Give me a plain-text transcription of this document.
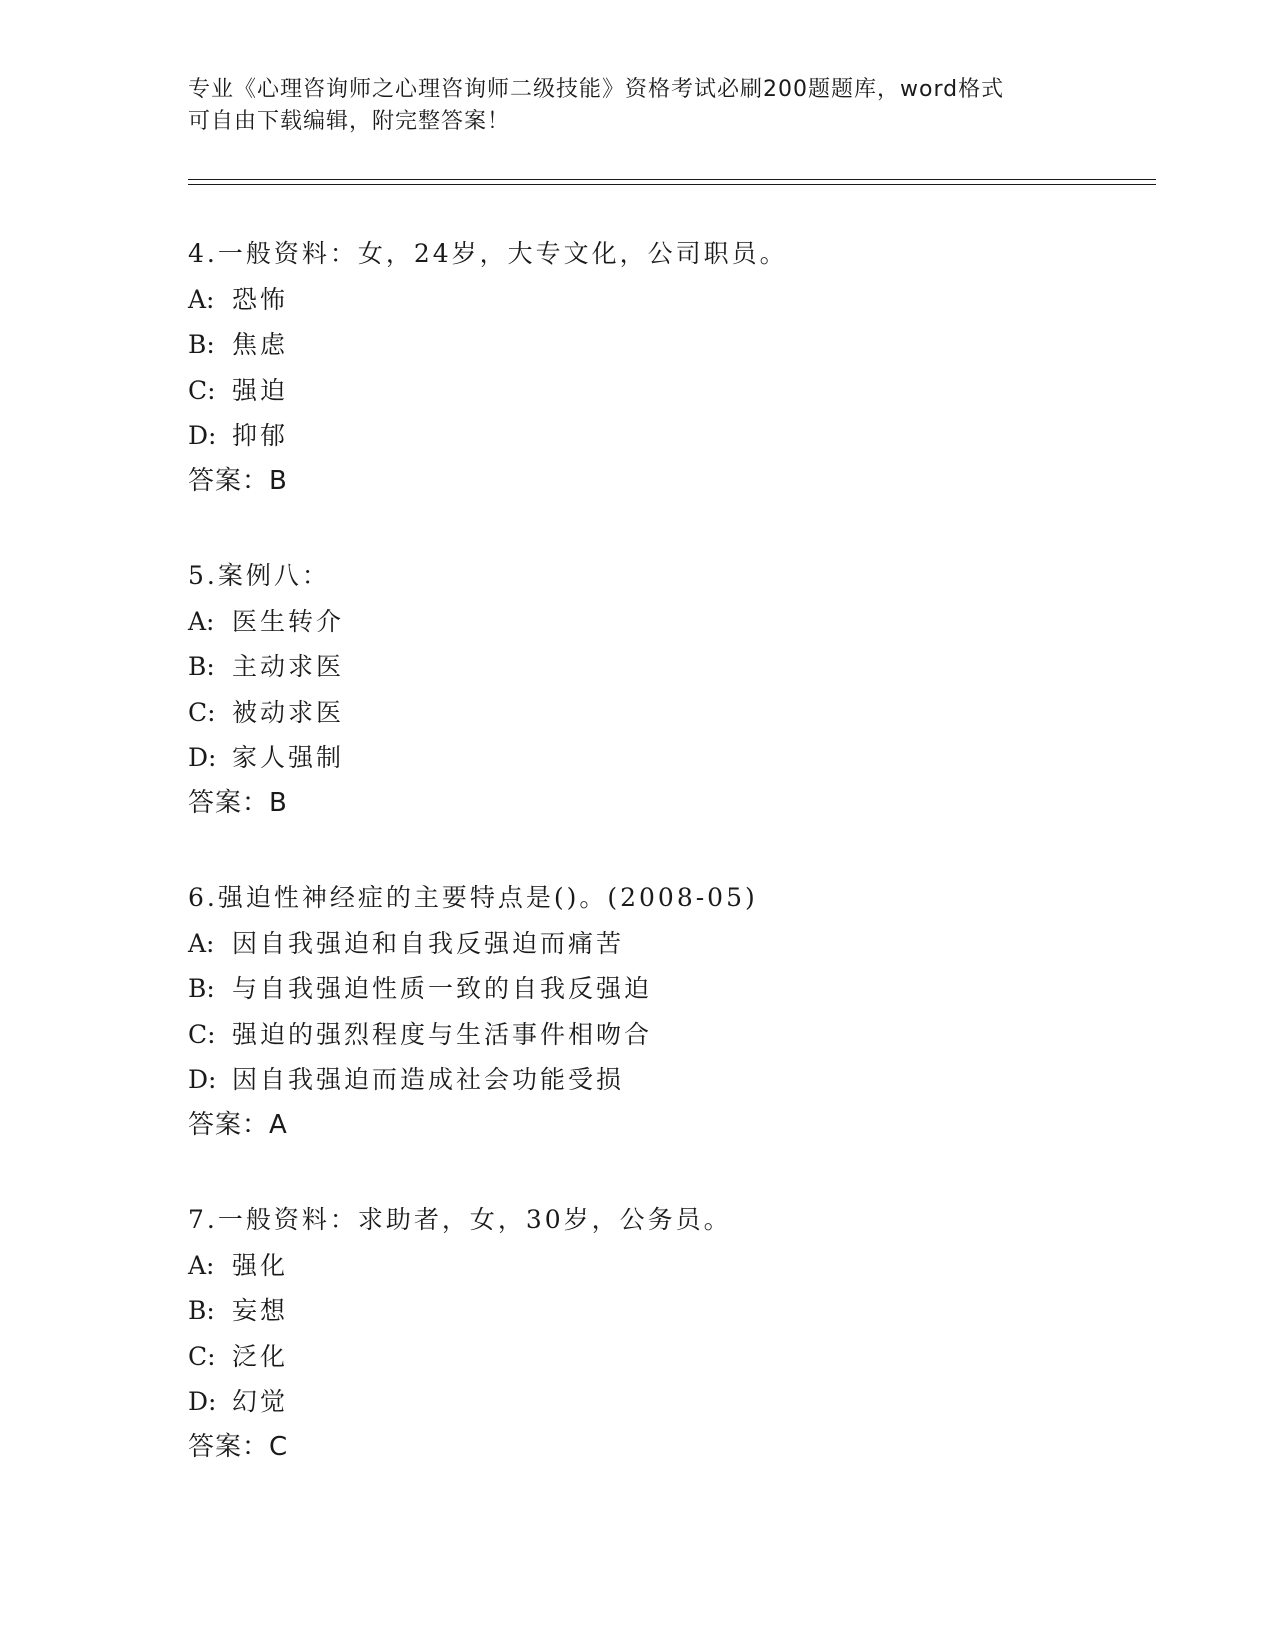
专业《心理咨询师之心理咨询师二级技能》资格考试必刷200题题库，word格式
可自由下载编辑，附完整答案！
4.一般资料：女，24岁，大专文化，公司职员。
A: 恐怖
B: 焦虑
C: 强迫
D: 抑郁
答案：B
5.案例八：
A: 医生转介
B: 主动求医
C: 被动求医
D: 家人强制
答案：B
6.强迫性神经症的主要特点是()。(2008-05)
A: 因自我强迫和自我反强迫而痛苦
B: 与自我强迫性质一致的自我反强迫
C: 强迫的强烈程度与生活事件相吻合
D: 因自我强迫而造成社会功能受损
答案：A
7.一般资料：求助者，女，30岁，公务员。
A: 强化
B: 妄想
C: 泛化
D: 幻觉
答案：C
